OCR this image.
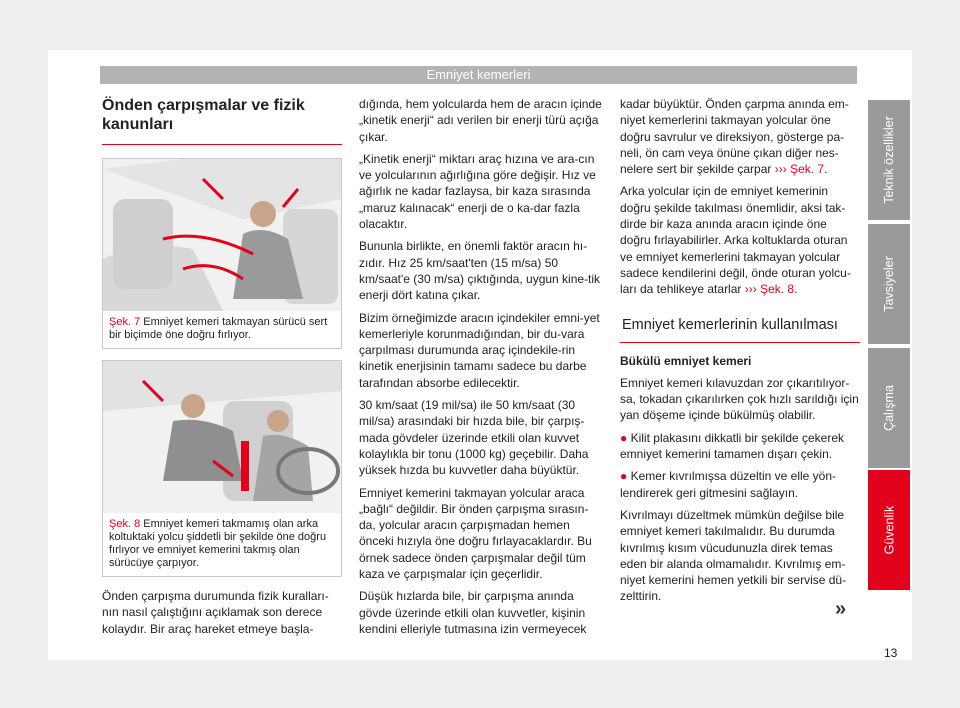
Emniyet kemerleri
Önden çarpışmalar ve fizik kanunları
Şek. 7 Emniyet kemeri takmayan sürücü sert bir biçimde öne doğru fırlıyor.
Şek. 8 Emniyet kemeri takmamış olan arka koltuktaki yolcu şiddetli bir şekilde öne doğru fırlıyor ve emniyet kemerini takmış olan sürücüye çarpıyor.

Önden çarpışma durumunda fizik kuralları-nın nasıl çalıştığını açıklamak son derece kolaydır. Bir araç hareket etmeye başla-

dığında, hem yolcularda hem de aracın içinde „kinetik enerji“ adı verilen bir enerji türü açığa çıkar.

„Kinetik enerji“ miktarı araç hızına ve ara-cın ve yolcularının ağırlığına göre değişir. Hız ve ağırlık ne kadar fazlaysa, bir kaza sırasında „maruz kalınacak“ enerji de o ka-dar fazla olacaktır.

Bununla birlikte, en önemli faktör aracın hı-zıdır. Hız 25 km/saat'ten (15 m/sa) 50 km/saat'e (30 m/sa) çıktığında, uygun kine-tik enerji dört katına çıkar.

Bizim örneğimizde aracın içindekiler emni-yet kemerleriyle korunmadığından, bir du-vara çarpılması durumunda araç içindekile-rin kinetik enerjisinin tamamı sadece bu darbe tarafından absorbe edilecektir.

30 km/saat (19 mil/sa) ile 50 km/saat (30 mil/sa) arasındaki bir hızda bile, bir çarpış-mada gövdeler üzerinde etkili olan kuvvet kolaylıkla bir tonu (1000 kg) geçebilir. Daha yüksek hızda bu kuvvetler daha büyüktür.

Emniyet kemerini takmayan yolcular araca „bağlı“ değildir. Bir önden çarpışma sırasın-da, yolcular aracın çarpışmadan hemen önceki hızıyla öne doğru fırlayacaklardır. Bu örnek sadece önden çarpışmalar değil tüm kaza ve çarpışmalar için geçerlidir.

Düşük hızlarda bile, bir çarpışma anında gövde üzerinde etkili olan kuvvetler, kişinin kendini elleriyle tutmasına izin vermeyecek

kadar büyüktür. Önden çarpma anında em-niyet kemerlerini takmayan yolcular öne doğru savrulur ve direksiyon, gösterge pa-neli, ön cam veya önüne çıkan diğer nes-nelere sert bir şekilde çarpar ››› Şek. 7.

Arka yolcular için de emniyet kemerinin doğru şekilde takılması önemlidir, aksi tak-dirde bir kaza anında aracın içinde öne doğru fırlayabilirler. Arka koltuklarda oturan ve emniyet kemerlerini takmayan yolcular sadece kendilerini değil, önde oturan yolcu-ları da tehlikeye atarlar ››› Şek. 8.

Emniyet kemerlerinin kullanılması

Bükülü emniyet kemeri

Emniyet kemeri kılavuzdan zor çıkarıtılıyor-sa, tokadan çıkarılırken çok hızlı sarıldığı için yan döşeme içinde bükülmüş olabilir.

● Kilit plakasını dikkatli bir şekilde çekerek emniyet kemerini tamamen dışarı çekin.

● Kemer kıvrılmışsa düzeltin ve elle yön-lendirerek geri gitmesini sağlayın.

Kıvrılmayı düzeltmek mümkün değilse bile emniyet kemeri takılmalıdır. Bu durumda kıvrılmış kısım vücudunuzla direk temas eden bir alanda olmamalıdır. Kıvrılmış em-niyet kemerini hemen yetkili bir servise dü-zelttirin.

»
Teknik özellikler
Tavsiyeler
Çalışma
Güvenlik
13
